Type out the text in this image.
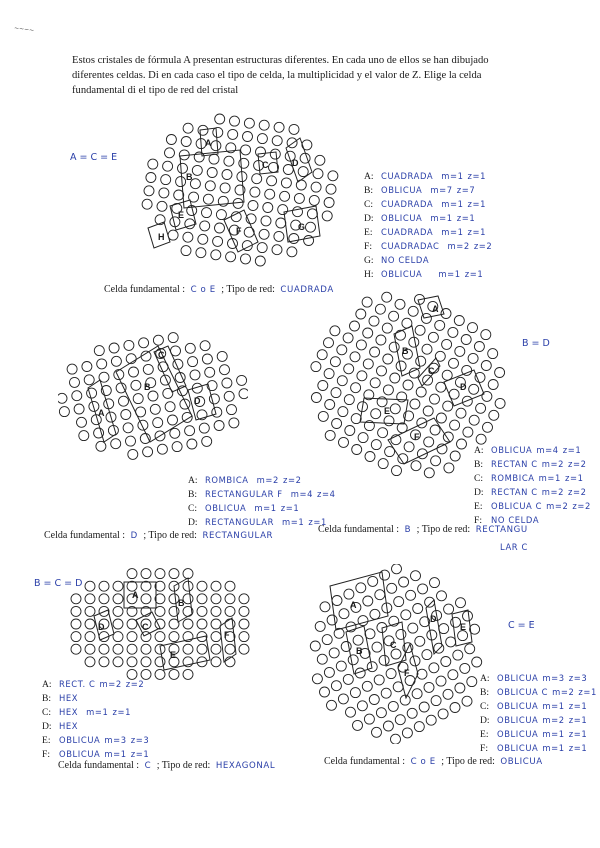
~~~~
Estos cristales de fórmula A presentan estructuras diferentes. En cada uno de ellos se han dibujado
diferentes celdas. Di en cada caso el tipo de celda, la multiplicidad y el valor de Z. Elige la celda
fundamental di el tipo de red del cristal
A = C = E
A
B
C	D
E
F	G
H
A: CUADRADA m=1 z=1
B: OBLICUA m=7 z=7
C: CUADRADA m=1 z=1
D: OBLICUA m=1 z=1
E: CUADRADA m=1 z=1
F: CUADRADAC m=2 z=2
G: NO CELDA
H: OBLICUA m=1 z=1
Celda fundamental : C o E ; Tipo de red: CUADRADA
A
B
C
D
A: ROMBICA m=2 z=2
B: RECTANGULAR F m=4 z=4
C: OBLICUA m=1 z=1
D: RECTANGULAR m=1 z=1
Celda fundamental : D ; Tipo de red: RECTANGULAR
B = D
A
B
C
D
E
F
A: OBLICUA m=4 z=1
B: RECTAN C m=2 z=2
C: ROMBICA m=1 z=1
D: RECTAN C m=2 z=2
E: OBLICUA C m=2 z=2
F: NO CELDA
Celda fundamental : B ; Tipo de red: RECTANGU
LAR C
B = C = D
A
B
C
D
E
F
A: RECT. C m=2 z=2
B: HEX
C: HEX m=1 z=1
D: HEX
E: OBLICUA m=3 z=3
F: OBLICUA m=1 z=1
Celda fundamental : C ; Tipo de red: HEXAGONAL
C = E
A
B
C
D
E
F	A: OBLICUA m=3 z=3
B: OBLICUA C m=2 z=1
C: OBLICUA m=1 z=1
D: OBLICUA m=2 z=1
E: OBLICUA m=1 z=1
F: OBLICUA m=1 z=1
Celda fundamental : C o E ; Tipo de red: OBLICUA
